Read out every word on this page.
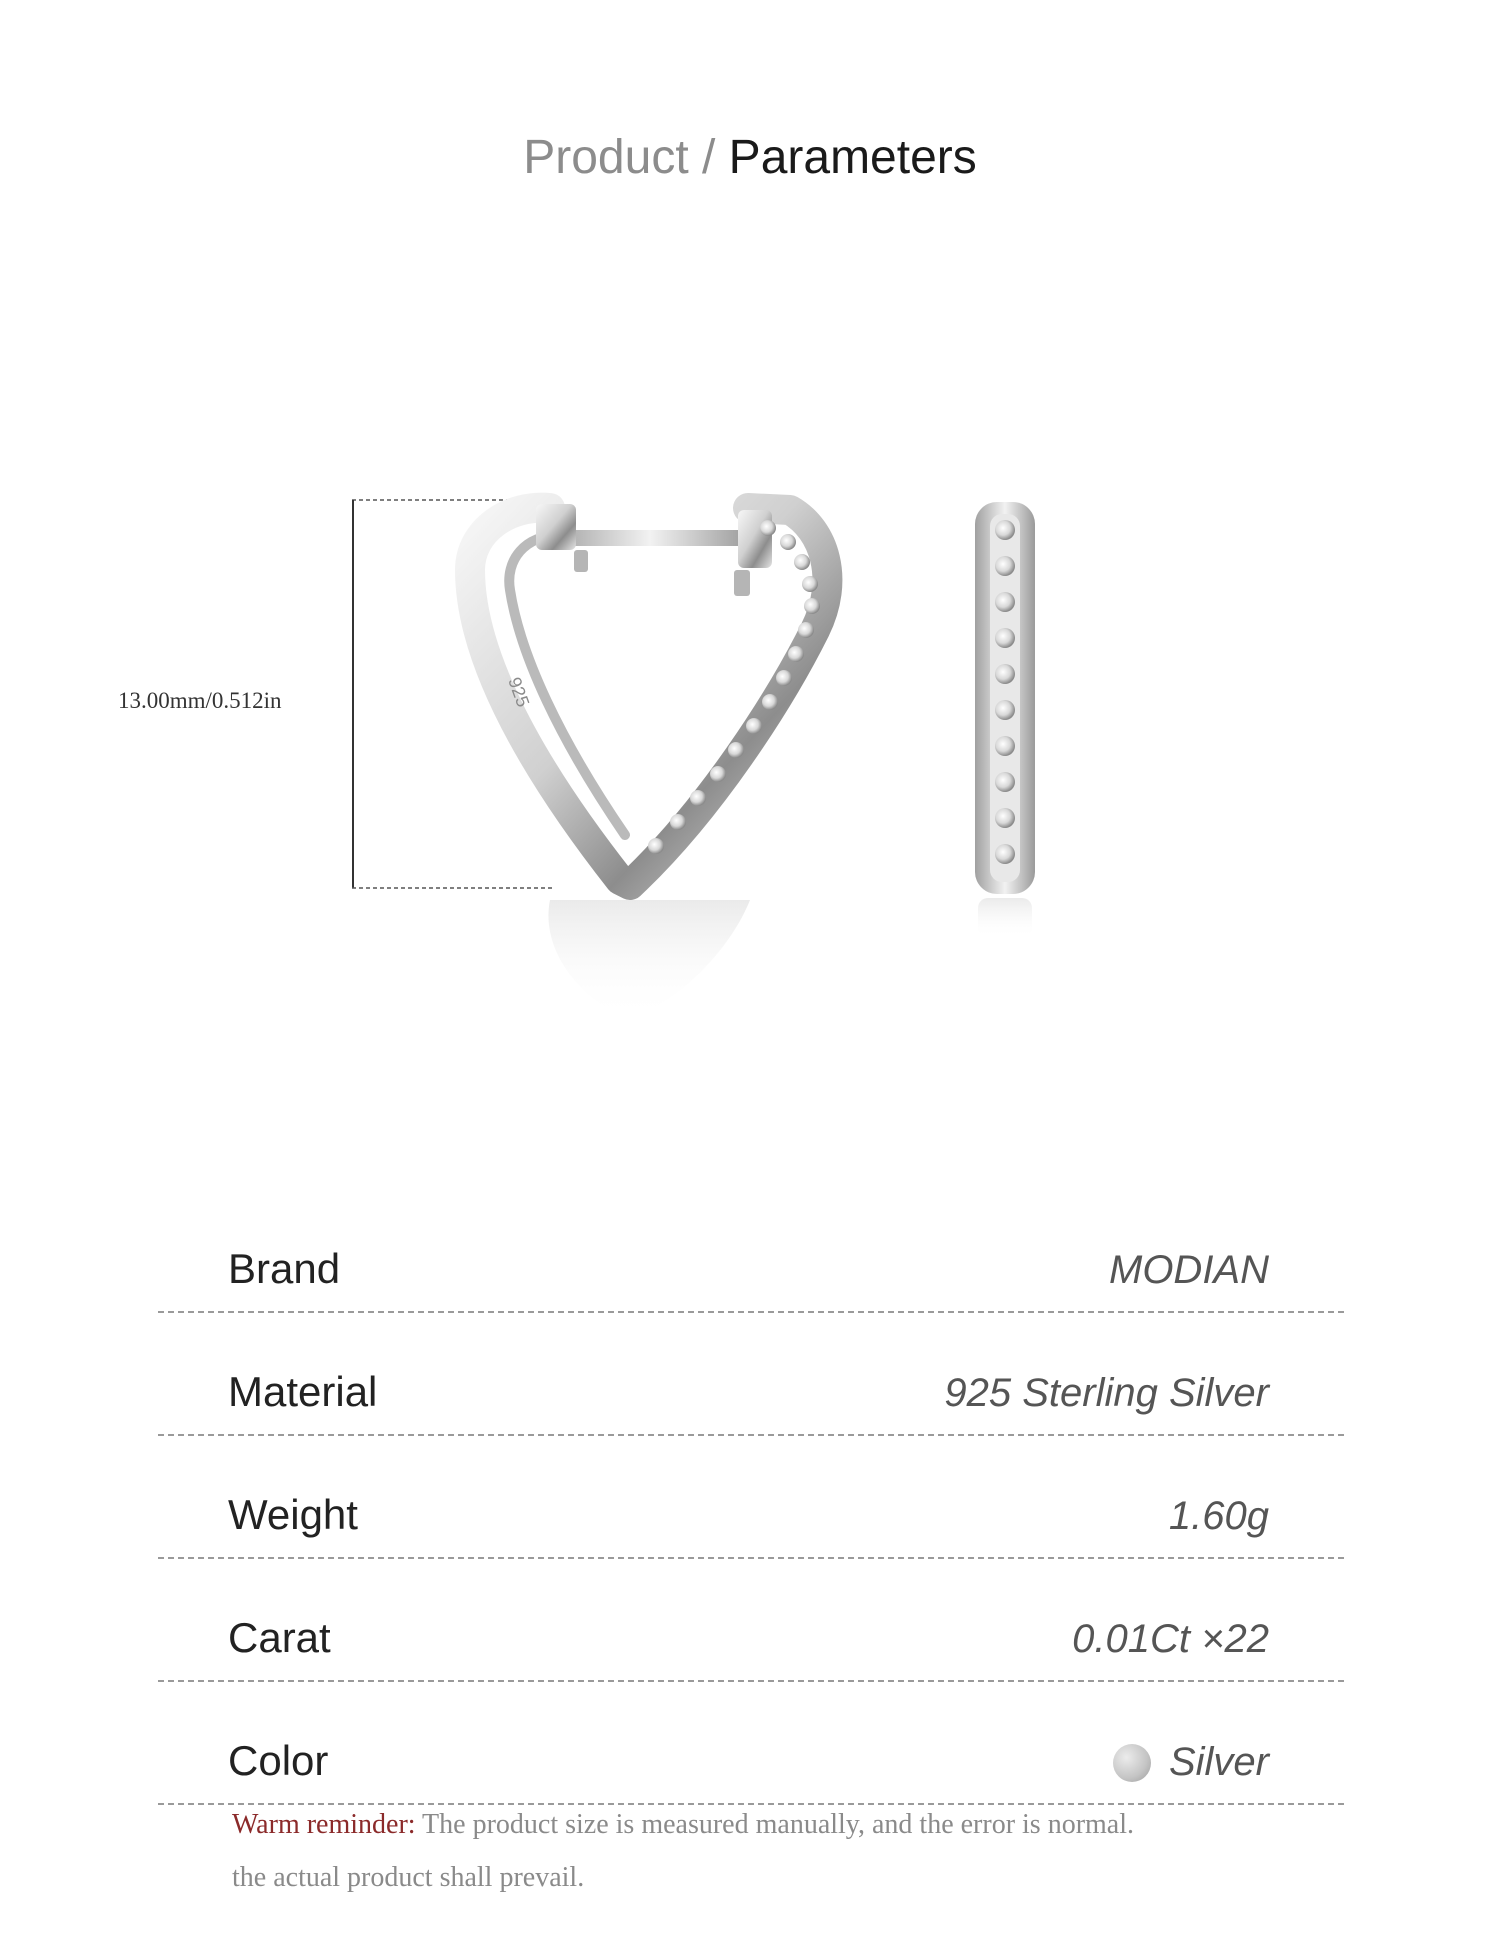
Product / Parameters
13.00mm/0.512in	925
Brand	MODIAN
Material	925 Sterling Silver
Weight	1.60g
Carat	0.01Ct ×22
Color	Silver
Warm reminder: The product size is measured manually, and the error is normal.
the actual product shall prevail.
